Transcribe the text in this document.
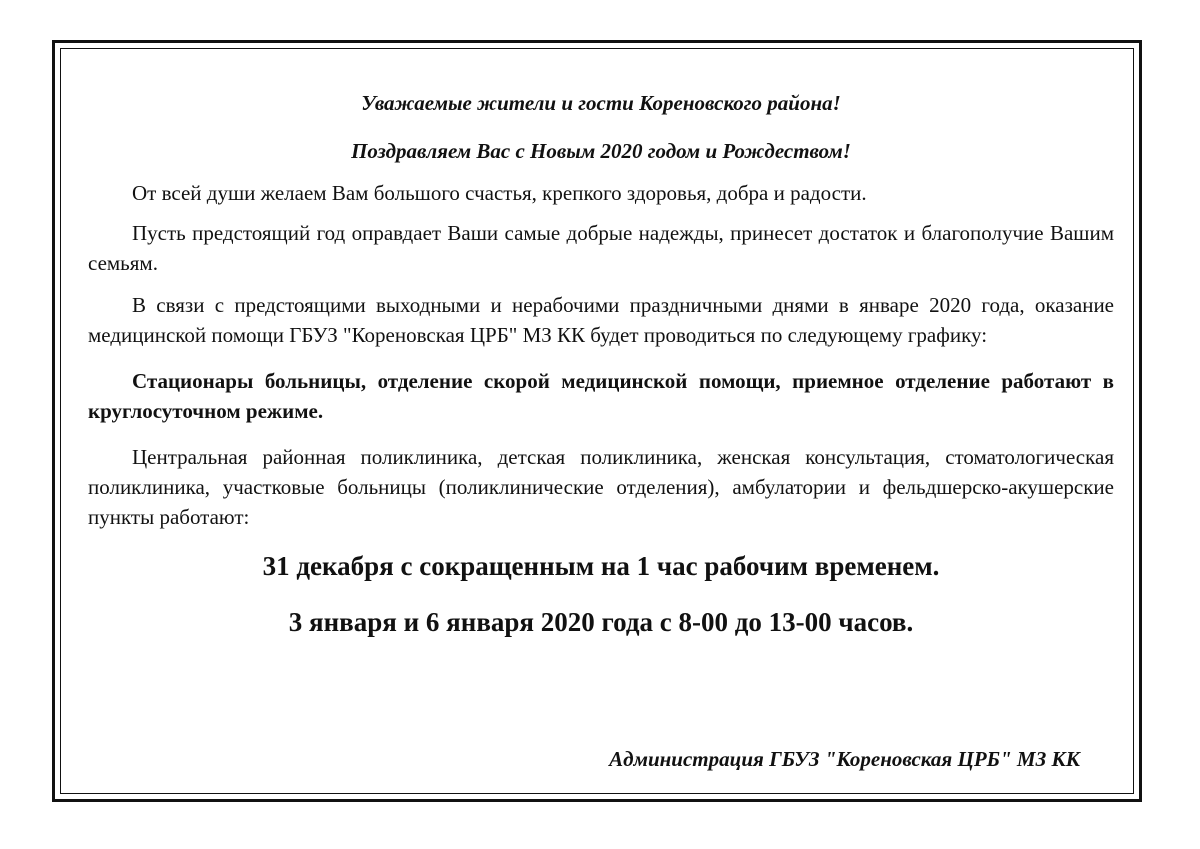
Уважаемые жители и гости Кореновского района!

Поздравляем Вас с Новым 2020 годом и Рождеством!

От всей души желаем Вам большого счастья, крепкого здоровья, добра и радости.

Пусть предстоящий год оправдает Ваши самые добрые надежды, принесет достаток и благополучие Вашим семьям.

В связи с предстоящими выходными и нерабочими праздничными днями в январе 2020 года, оказание медицинской помощи ГБУЗ "Кореновская ЦРБ" МЗ КК будет проводиться по следующему графику:

Стационары больницы, отделение скорой медицинской помощи, приемное отделение работают в круглосуточном режиме.

Центральная районная поликлиника, детская поликлиника, женская консультация, стоматологическая поликлиника, участковые больницы (поликлинические отделения), амбулатории и фельдшерско-акушерские пункты работают:

31 декабря с сокращенным на 1 час рабочим временем.

3 января и 6 января 2020 года с 8-00 до 13-00 часов.

Администрация ГБУЗ "Кореновская ЦРБ" МЗ КК
